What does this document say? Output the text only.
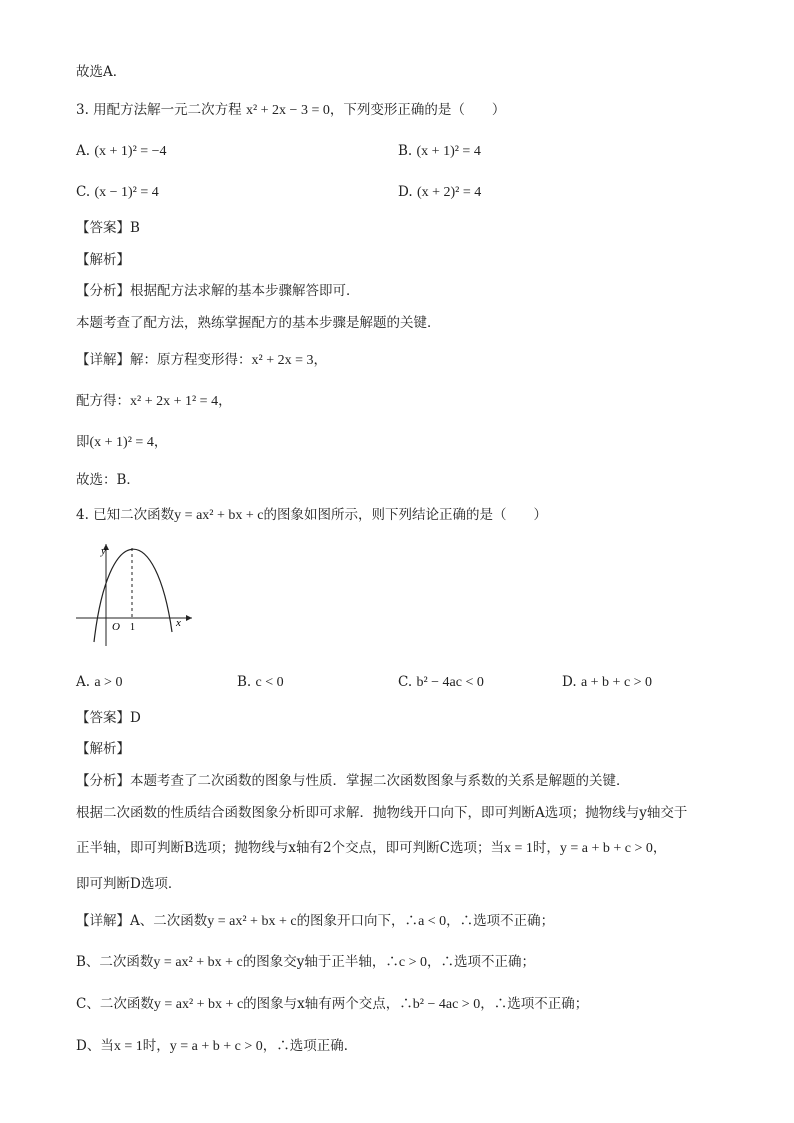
故选A．
3. 用配方法解一元二次方程 x² + 2x − 3 = 0，下列变形正确的是（　　）
A. (x + 1)² = −4	B. (x + 1)² = 4
C. (x − 1)² = 4	D. (x + 2)² = 4
【答案】B
【解析】
【分析】根据配方法求解的基本步骤解答即可．
本题考查了配方法，熟练掌握配方的基本步骤是解题的关键．
【详解】解：原方程变形得：x² + 2x = 3，
配方得：x² + 2x + 1² = 4，
即(x + 1)² = 4，
故选：B．
4. 已知二次函数y = ax² + bx + c的图象如图所示，则下列结论正确的是（　　）
y
x
O 1
A. a > 0	B. c < 0	C. b² − 4ac < 0	D. a + b + c > 0
【答案】D
【解析】
【分析】本题考查了二次函数的图象与性质．掌握二次函数图象与系数的关系是解题的关键．
根据二次函数的性质结合函数图象分析即可求解．抛物线开口向下，即可判断A选项；抛物线与y轴交于
正半轴，即可判断B选项；抛物线与x轴有2个交点，即可判断C选项；当x = 1时，y = a + b + c > 0，
即可判断D选项．
【详解】A、二次函数y = ax² + bx + c的图象开口向下，∴a < 0，∴选项不正确；
B、二次函数y = ax² + bx + c的图象交y轴于正半轴，∴c > 0，∴选项不正确；
C、二次函数y = ax² + bx + c的图象与x轴有两个交点，∴b² − 4ac > 0，∴选项不正确；
D、当x = 1时，y = a + b + c > 0，∴选项正确．
